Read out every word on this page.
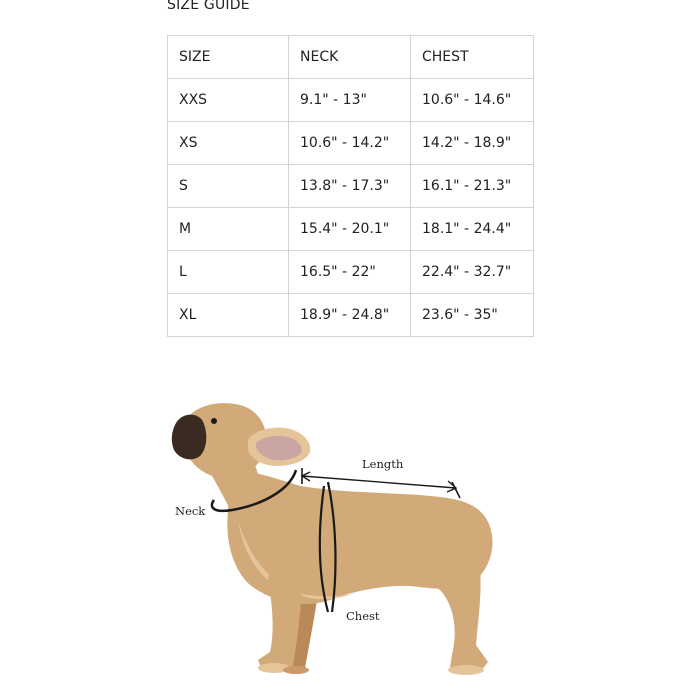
SIZE GUIDE
SIZE	NECK	CHEST
XXS	9.1" - 13"	10.6" - 14.6"
XS	10.6" - 14.2"	14.2" - 18.9"
S	13.8" - 17.3"	16.1" - 21.3"
M	15.4" - 20.1"	18.1" - 24.4"
L	16.5" - 22"	22.4" - 32.7"
XL	18.9" - 24.8"	23.6" - 35"
Length
Neck
Chest
